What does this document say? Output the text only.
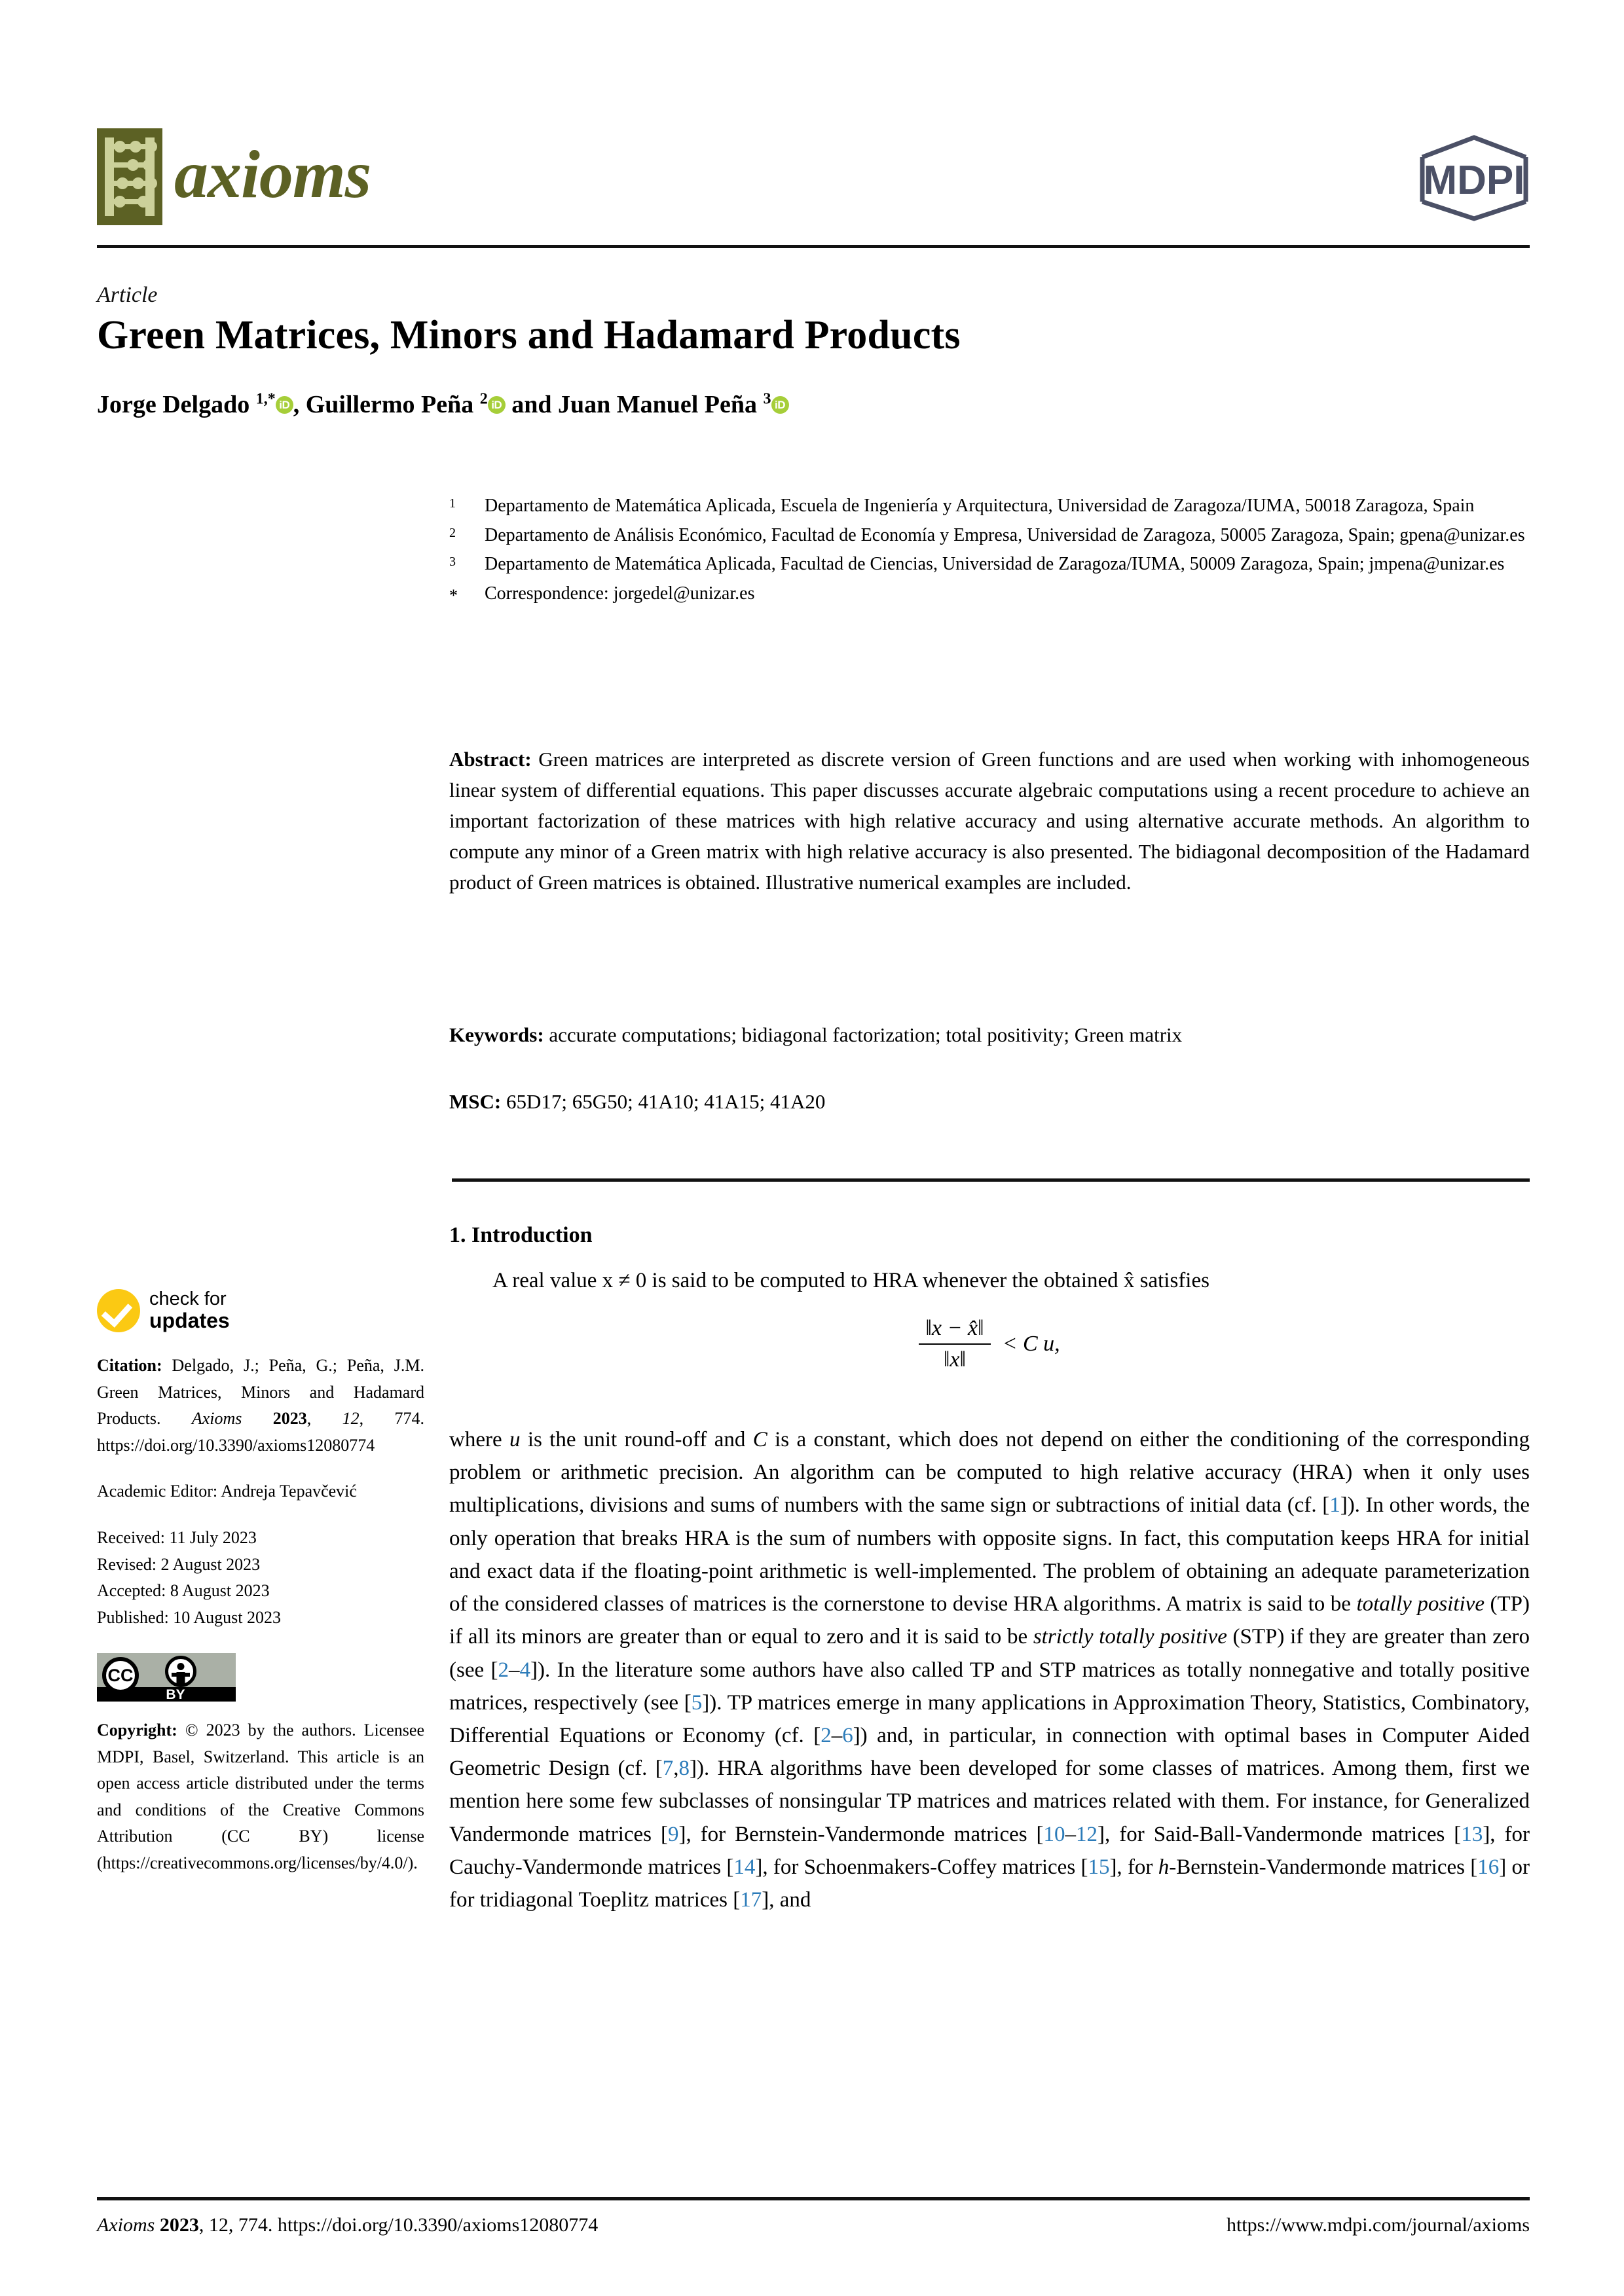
axioms	MDPI
Article
Green Matrices, Minors and Hadamard Products
Jorge Delgado $^{1,*}$ iD , Guillermo Peña $^2$ iD and Juan Manuel Peña $^3$ iD
1	Departamento de Matemática Aplicada, Escuela de Ingeniería y Arquitectura, Universidad de Zaragoza/IUMA, 50018 Zaragoza, Spain
2	Departamento de Análisis Económico, Facultad de Economía y Empresa, Universidad de Zaragoza, 50005 Zaragoza, Spain; gpena@unizar.es
3	Departamento de Matemática Aplicada, Facultad de Ciencias, Universidad de Zaragoza/IUMA, 50009 Zaragoza, Spain; jmpena@unizar.es
*	Correspondence: jorgedel@unizar.es
Abstract: Green matrices are interpreted as discrete version of Green functions and are used when working with inhomogeneous linear system of differential equations. This paper discusses accurate algebraic computations using a recent procedure to achieve an important factorization of these matrices with high relative accuracy and using alternative accurate methods. An algorithm to compute any minor of a Green matrix with high relative accuracy is also presented. The bidiagonal decomposition of the Hadamard product of Green matrices is obtained. Illustrative numerical examples are included.
Keywords: accurate computations; bidiagonal factorization; total positivity; Green matrix
MSC: 65D17; 65G50; 41A10; 41A15; 41A20
1. Introduction
A real value x ≠ 0 is said to be computed to HRA whenever the obtained x̂ satisfies
$\frac{‖x - x̂‖}{‖x‖} < C$ u,
where u is the unit round-off and C is a constant, which does not depend on either the conditioning of the corresponding problem or arithmetic precision. An algorithm can be computed to high relative accuracy (HRA) when it only uses multiplications, divisions and sums of numbers with the same sign or subtractions of initial data (cf. [1]). In other words, the only operation that breaks HRA is the sum of numbers with opposite signs. In fact, this computation keeps HRA for initial and exact data if the floating-point arithmetic is well-implemented. The problem of obtaining an adequate parameterization of the considered classes of matrices is the cornerstone to devise HRA algorithms. A matrix is said to be totally positive (TP) if all its minors are greater than or equal to zero and it is said to be strictly totally positive (STP) if they are greater than zero (see [2–4]). In the literature some authors have also called TP and STP matrices as totally nonnegative and totally positive matrices, respectively (see [5]). TP matrices emerge in many applications in Approximation Theory, Statistics, Combinatory, Differential Equations or Economy (cf. [2–6]) and, in particular, in connection with optimal bases in Computer Aided Geometric Design (cf. [7,8]). HRA algorithms have been developed for some classes of matrices. Among them, first we mention here some few subclasses of nonsingular TP matrices and matrices related with them. For instance, for Generalized Vandermonde matrices [9], for Bernstein-Vandermonde matrices [10–12], for Said-Ball-Vandermonde matrices [13], for Cauchy-Vandermonde matrices [14], for Schoenmakers-Coffey matrices [15], for h-Bernstein-Vandermonde matrices [16] or for tridiagonal Toeplitz matrices [17], and
check for
updates
Citation: Delgado, J.; Peña, G.; Peña, J.M. Green Matrices, Minors and Hadamard Products. Axioms 2023, 12, 774. https://doi.org/10.3390/axioms12080774
Academic Editor: Andreja Tepavčević
Received: 11 July 2023
Revised: 2 August 2023
Accepted: 8 August 2023
Published: 10 August 2023
CC
BY
Copyright: © 2023 by the authors. Licensee MDPI, Basel, Switzerland. This article is an open access article distributed under the terms and conditions of the Creative Commons Attribution (CC BY) license (https://creativecommons.org/licenses/by/4.0/).
Axioms 2023, 12, 774. https://doi.org/10.3390/axioms12080774	https://www.mdpi.com/journal/axioms
